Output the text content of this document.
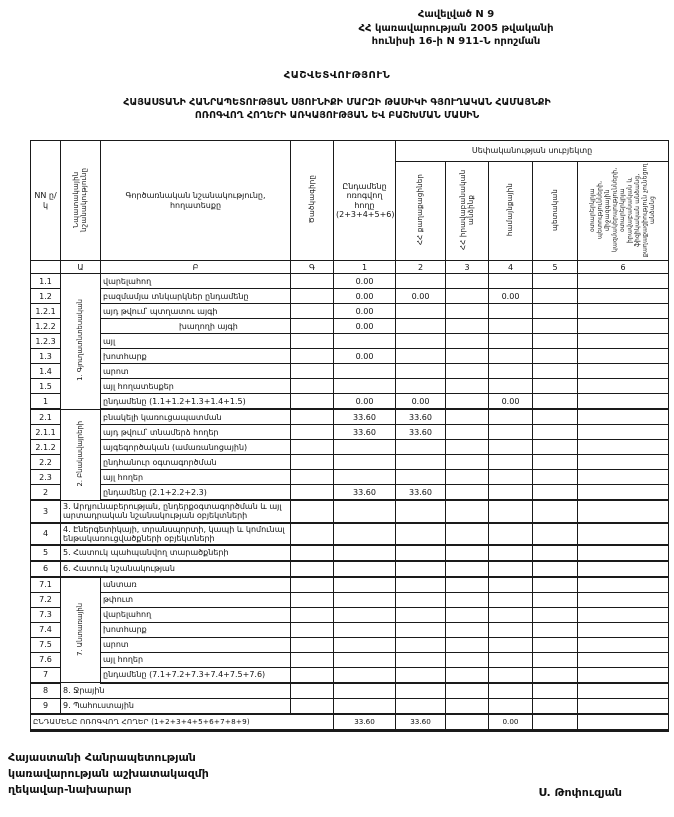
Հավելված N 9
ՀՀ կառավարության 2005 թվականի
հունիսի 16-ի N 911-Ն որոշման
ՀԱՇՎԵՏՎՈՒԹՅՈՒՆ
ՀԱՅԱՍՏԱՆԻ ՀԱՆՐԱՊԵՏՈՒԹՅԱՆ ՍՅՈՒՆԻՔԻ ՄԱՐԶԻ ԹԱՍԻԿԻ ԳՅՈՒՂԱԿԱՆ ՀԱՄԱՅՆՔԻ
ՈՌՈԳՎՈՂ ՀՈՂԵՐԻ ԱՌԿԱՅՈՒԹՅԱՆ ԵՎ ԲԱՇԽՄԱՆ ՄԱՍԻՆ
NN ը/կ	Նպատակային նշանակությունը	Գործառնական նշանակությունը, հողատեսքը	Ծածկագիրը	Ընդամենը ոռոգվող հողը (2+3+4+5+6)	Սեփականության սուբյեկտը				
					ՀՀ քաղաքացիներ	ՀՀ իրավաբանական անձինք	համայնքային	պետական	օտարերկրյա պետությունների, միջազգային կազմակերպությունների, օտարերկրյա իրավաբանական և ֆիզիկական անձանց, քաղաքացիություն չունեցող անձանց
	Ա	Բ	Գ	1	2	3	4	5	6
1.1	1. Գյուղատնտեսական	վարելահող		0.00					
1.2		բազմամյա տնկարկներ ընդամենը		0.00	0.00		0.00		
1.2.1		այդ թվում՝ պտղատու այգի		0.00					
1.2.2		խաղողի այգի		0.00					
1.2.3		այլ							
1.3		խոտհարք		0.00					
1.4		արոտ							
1.5		այլ հողատեսքեր							
1		ընդամենը (1.1+1.2+1.3+1.4+1.5)		0.00	0.00		0.00		
2.1	2. Բնակավայրերի	բնակելի կառուցապատման		33.60	33.60				
2.1.1		այդ թվում՝ տնամերձ հողեր		33.60	33.60				
2.1.2		այգեգործական (ամառանոցային)							
2.2		ընդհանուր օգտագործման							
2.3		այլ հողեր							
2		ընդամենը (2.1+2.2+2.3)		33.60	33.60				
3	3. Արդյունաբերության, ընդերքօգտագործման և այլ արտադրական նշանակության օբյեկտների								
4	4. Էներգետիկայի, տրանսպորտի, կապի և կոմունալ ենթակառուցվածքների օբյեկտների								
5	5. Հատուկ պահպանվող տարածքների								
6	6. Հատուկ նշանակության								
7.1	7. Անտառային	անտառ							
7.2		թփուտ							
7.3		վարելահող							
7.4		խոտհարք							
7.5		արոտ							
7.6		այլ հողեր							
7		ընդամենը (7.1+7.2+7.3+7.4+7.5+7.6)							
8	8. Ջրային								
9	9. Պահուստային								
ԸՆԴԱՄԵՆԸ ՈՌՈԳՎՈՂ ՀՈՂԵՐ (1+2+3+4+5+6+7+8+9)				33.60	33.60		0.00		
Հայաստանի Հանրապետության
կառավարության աշխատակազմի
ղեկավար-նախարար	Ս. Թոփուզյան
